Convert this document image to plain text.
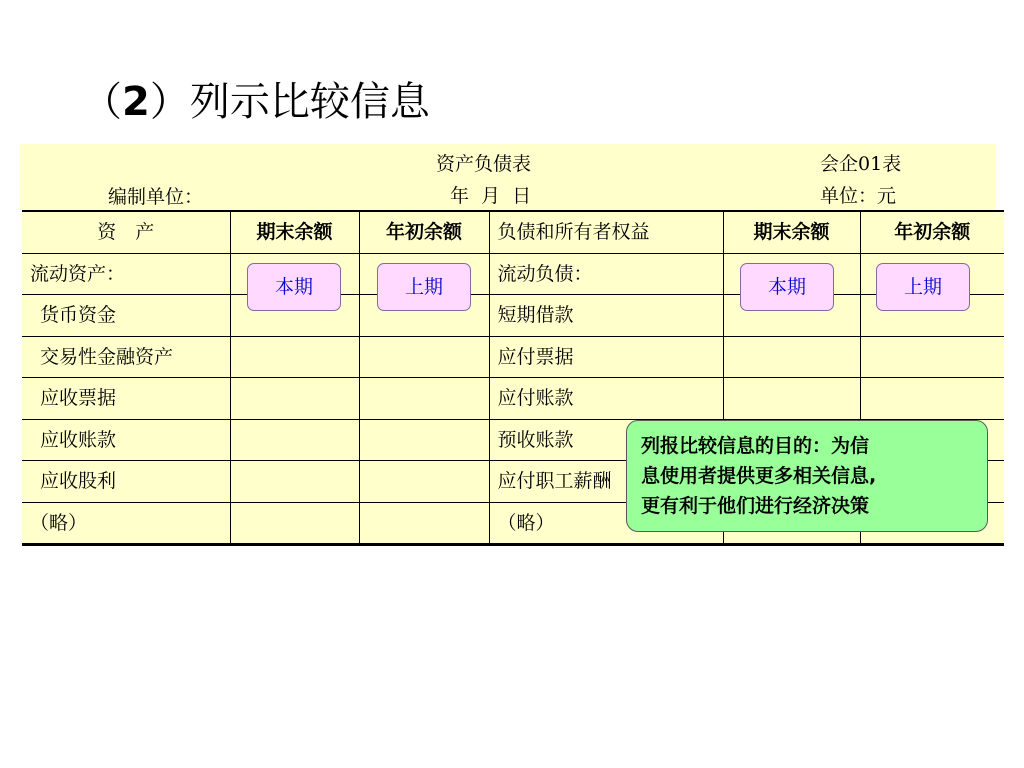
（2）列示比较信息
资产负债表	会企01表
编制单位：	年  月  日	单位：元
资　产	期末余额	年初余额	负债和所有者权益	期末余额	年初余额
流动资产：			流动负债：		
货币资金			短期借款		
交易性金融资产			应付票据		
应收票据			应付账款		
应收账款			预收账款		
应收股利			应付职工薪酬		
（略）			（略）		
本期	上期	本期	上期
列报比较信息的目的：为信
息使用者提供更多相关信息,
更有利于他们进行经济决策
